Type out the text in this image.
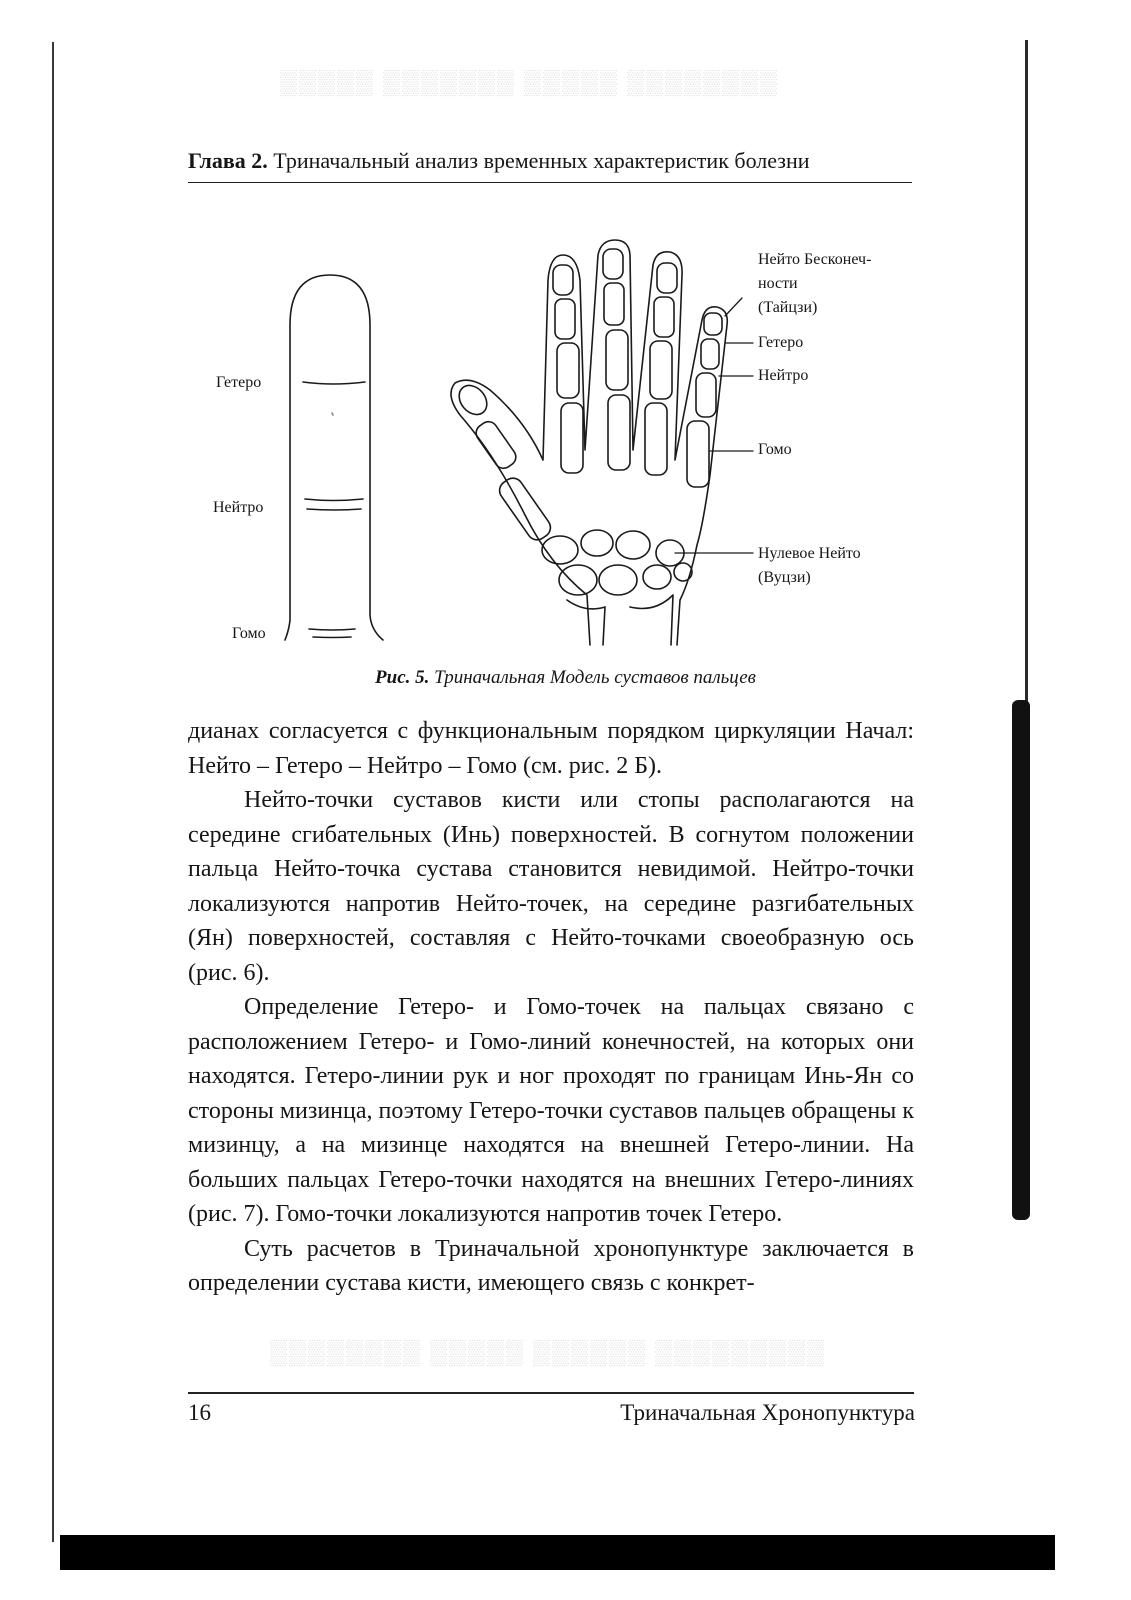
▒▒▒▒▒ ▒▒▒▒▒▒▒ ▒▒▒▒▒ ▒▒▒▒▒▒▒▒
▒▒▒▒▒▒▒▒ ▒▒▒▒▒ ▒▒▒▒▒▒ ▒▒▒▒▒▒▒▒▒
Глава 2. Триначальный анализ временных характеристик болезни
Гетеро
Нейтро
Гомо
Нейто Бесконеч-
ности
(Тайцзи)
Гетеро
Нейтро
Гомо
Нулевое Нейто
(Вуцзи)
Рис. 5. Триначальная Модель суставов пальцев

дианах согласуется с функциональным порядком циркуляции Начал: Нейто – Гетеро – Нейтро – Гомо (см. рис. 2 Б).

Нейто-точки суставов кисти или стопы располагаются на середине сгибательных (Инь) поверхностей. В согнутом положении пальца Нейто-точка сустава становится невидимой. Нейтро-точки локализуются напротив Нейто-точек, на середине разгибательных (Ян) поверхностей, составляя с Нейто-точками своеобразную ось (рис. 6).

Определение Гетеро- и Гомо-точек на пальцах связано с расположением Гетеро- и Гомо-линий конечностей, на которых они находятся. Гетеро-линии рук и ног проходят по границам Инь-Ян со стороны мизинца, поэтому Гетеро-точки суставов пальцев обращены к мизинцу, а на мизинце находятся на внешней Гетеро-линии. На больших пальцах Гетеро-точки находятся на внешних Гетеро-линиях (рис. 7). Гомо-точки локализуются напротив точек Гетеро.

Суть расчетов в Триначальной хронопунктуре заключается в определении сустава кисти, имеющего связь с конкрет-

16	Триначальная Хронопунктура
